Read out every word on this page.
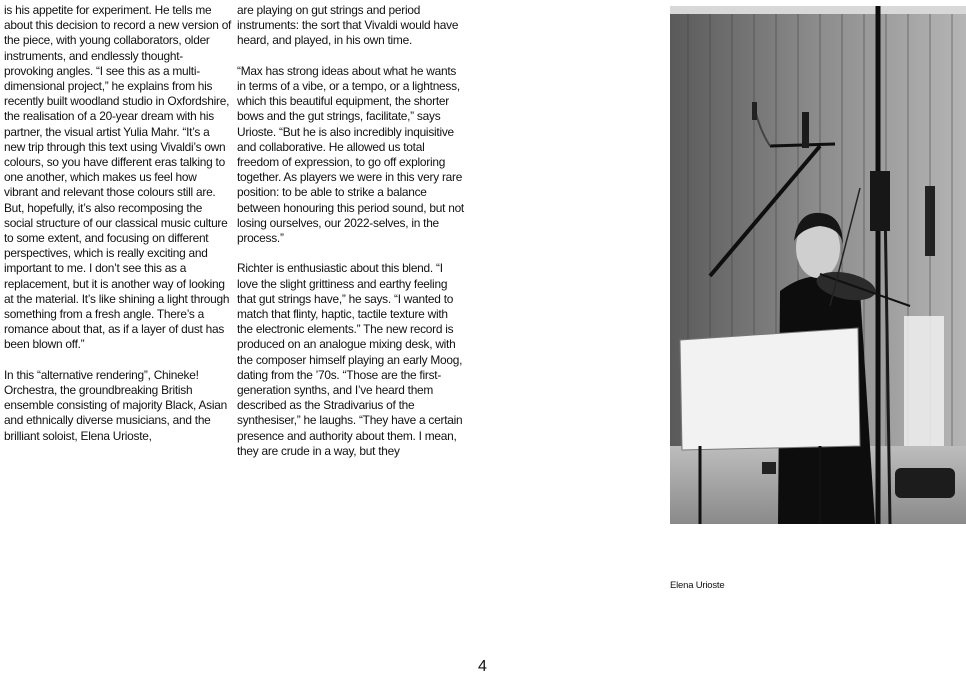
is his appetite for experiment. He tells me about this decision to record a new version of the piece, with young collaborators, older instruments, and endlessly thought-provoking angles. “I see this as a multi-dimensional project,” he explains from his recently built woodland studio in Oxfordshire, the realisation of a 20-year dream with his partner, the visual artist Yulia Mahr. “It’s a new trip through this text using Vivaldi’s own colours, so you have different eras talking to one another, which makes us feel how vibrant and relevant those colours still are. But, hopefully, it’s also recomposing the social structure of our classical music culture to some extent, and focusing on different perspectives, which is really exciting and important to me. I don’t see this as a replacement, but it is another way of looking at the material. It’s like shining a light through something from a fresh angle. There’s a romance about that, as if a layer of dust has been blown off.”

In this “alternative rendering”, Chineke! Orchestra, the groundbreaking British ensemble consisting of majority Black, Asian and ethnically diverse musicians, and the brilliant soloist, Elena Urioste,

are playing on gut strings and period instruments: the sort that Vivaldi would have heard, and played, in his own time.

“Max has strong ideas about what he wants in terms of a vibe, or a tempo, or a lightness, which this beautiful equipment, the shorter bows and the gut strings, facilitate,” says Urioste. “But he is also incredibly inquisitive and collaborative. He allowed us total freedom of expression, to go off exploring together. As players we were in this very rare position: to be able to strike a balance between honouring this period sound, but not losing ourselves, our 2022-selves, in the process.”

Richter is enthusiastic about this blend. “I love the slight grittiness and earthy feeling that gut strings have,” he says. “I wanted to match that flinty, haptic, tactile texture with the electronic elements.” The new record is produced on an analogue mixing desk, with the composer himself playing an early Moog, dating from the ’70s. “Those are the first-generation synths, and I’ve heard them described as the Stradivarius of the synthesiser,” he laughs. “They have a certain presence and authority about them. I mean, they are crude in a way, but they

Elena Urioste
4
